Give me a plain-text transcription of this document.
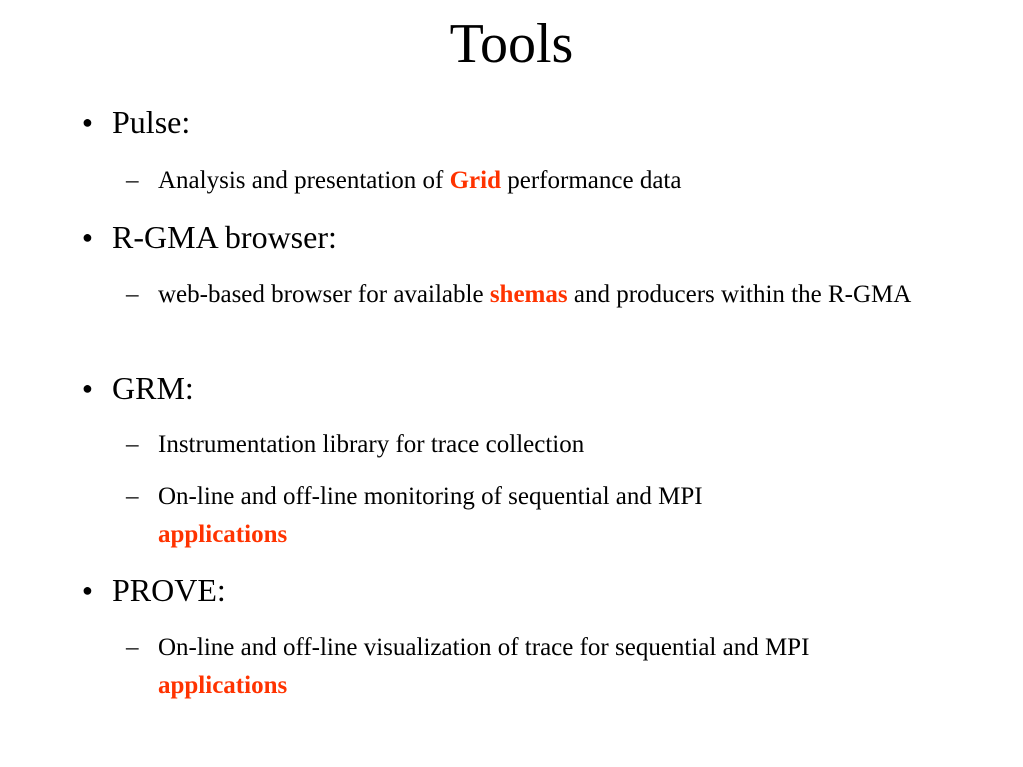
Tools
● Pulse:
– Analysis and presentation of Grid performance data
● R-GMA browser:
– web-based browser for available shemas and producers within the R-GMA
● GRM:
– Instrumentation library for trace collection
– On-line and off-line monitoring of sequential and MPI applications
● PROVE:
– On-line and off-line visualization of trace for sequential and MPI applications
